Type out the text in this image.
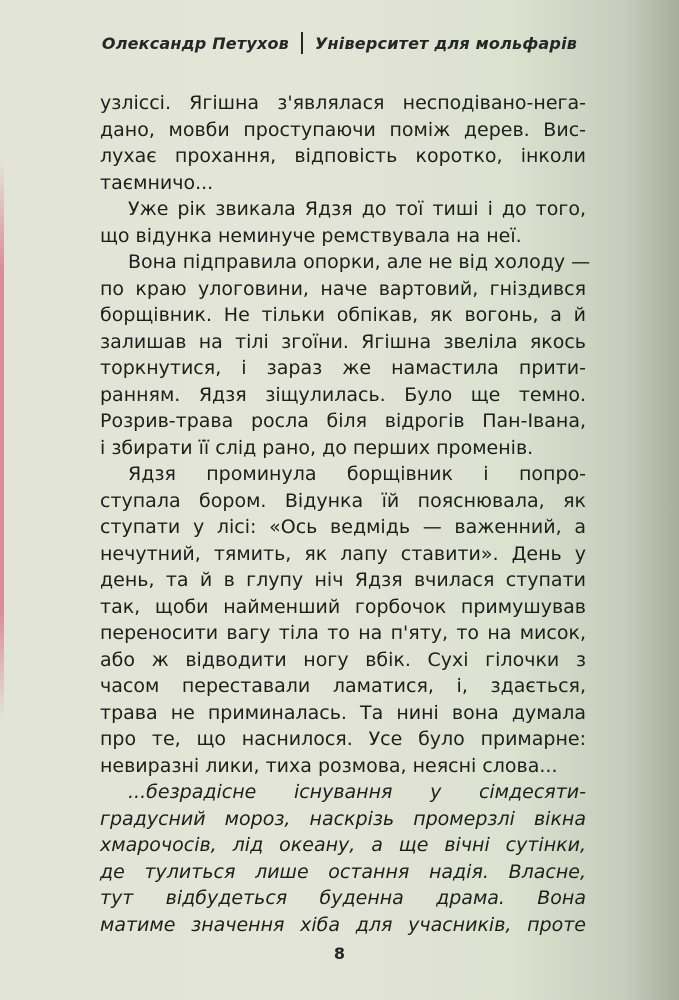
Олександр Петухов Університет для мольфарів
узліссі. Ягішна з'являлася несподівано-нега-
дано, мовби проступаючи поміж дерев. Вис-
лухає прохання, відповість коротко, інколи
таємничо...
Уже рік звикала Ядзя до тої тиші і до того,
що відунка неминуче ремствувала на неї.
Вона підправила опорки, але не від холоду —
по краю улоговини, наче вартовий, гніздився
борщівник. Не тільки обпікав, як вогонь, а й
залишав на тілі згоїни. Ягішна звеліла якось
торкнутися, і зараз же намастила прити-
ранням. Ядзя зіщулилась. Було ще темно.
Розрив-трава росла біля відрогів Пан-Івана,
і збирати її слід рано, до перших променів.
Ядзя проминула борщівник і попро-
ступала бором. Відунка їй пояснювала, як
ступати у лісі: «Ось ведмідь — важенний, а
нечутний, тямить, як лапу ставити». День у
день, та й в глупу ніч Ядзя вчилася ступати
так, щоби найменший горбочок примушував
переносити вагу тіла то на п'яту, то на мисок,
або ж відводити ногу вбік. Сухі гілочки з
часом переставали ламатися, і, здається,
трава не приминалась. Та нині вона думала
про те, що наснилося. Усе було примарне:
невиразні лики, тиха розмова, неясні слова...
...безрадісне існування у сімдесяти-
градусний мороз, наскрізь промерзлі вікна
хмарочосів, лід океану, а ще вічні сутінки,
де тулиться лише остання надія. Власне,
тут відбудеться буденна драма. Вона
матиме значення хіба для учасників, проте
8
